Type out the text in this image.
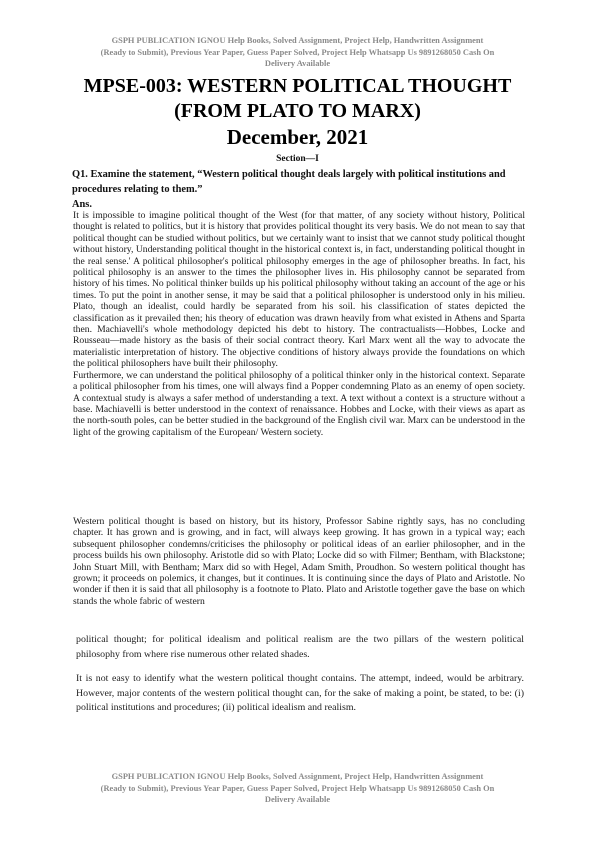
GSPH PUBLICATION IGNOU Help Books, Solved Assignment, Project Help, Handwritten Assignment
(Ready to Submit), Previous Year Paper, Guess Paper Solved, Project Help Whatsapp Us 9891268050 Cash On
Delivery Available
MPSE-003: WESTERN POLITICAL THOUGHT
(FROM PLATO TO MARX)
December, 2021
Section—I
Q1. Examine the statement, “Western political thought deals largely with political institutions and procedures relating to them.”
Ans.

It is impossible to imagine political thought of the West (for that matter, of any society without history, Political thought is related to politics, but it is history that provides political thought its very basis. We do not mean to say that political thought can be studied without politics, but we certainly want to insist that we cannot study political thought without history, Understanding political thought in the historical context is, in fact, understanding political thought in the real sense.' A political philosopher's political philosophy emerges in the age of philosopher breaths. In fact, his political philosophy is an answer to the times the philosopher lives in. His philosophy cannot be separated from history of his times. No political thinker builds up his political philosophy without taking an account of the age or his times. To put the point in another sense, it may be said that a political philosopher is understood only in his milieu. Plato, though an idealist, could hardly be separated from his soil. his classification of states depicted the classification as it prevailed then; his theory of education was drawn heavily from what existed in Athens and Sparta then. Machiavelli's whole methodology depicted his debt to history. The contractualists—Hobbes, Locke and Rousseau—made history as the basis of their social contract theory. Karl Marx went all the way to advocate the materialistic interpretation of history. The objective conditions of history always provide the foundations on which the political philosophers have built their philosophy.

Furthermore, we can understand the political philosophy of a political thinker only in the historical context. Separate a political philosopher from his times, one will always find a Popper condemning Plato as an enemy of open society. A contextual study is always a safer method of understanding a text. A text without a context is a structure without a base. Machiavelli is better understood in the context of renaissance. Hobbes and Locke, with their views as apart as the north-south poles, can be better studied in the background of the English civil war. Marx can be understood in the light of the growing capitalism of the European/ Western society.

Western political thought is based on history, but its history, Professor Sabine rightly says, has no concluding chapter. It has grown and is growing, and in fact, will always keep growing. It has grown in a typical way; each subsequent philosopher condemns/criticises the philosophy or political ideas of an earlier philosopher, and in the process builds his own philosophy. Aristotle did so with Plato; Locke did so with Filmer; Bentham, with Blackstone; John Stuart Mill, with Bentham; Marx did so with Hegel, Adam Smith, Proudhon. So western political thought has grown; it proceeds on polemics, it changes, but it continues. It is continuing since the days of Plato and Aristotle. No wonder if then it is said that all philosophy is a footnote to Plato. Plato and Aristotle together gave the base on which stands the whole fabric of western

political thought; for political idealism and political realism are the two pillars of the western political philosophy from where rise numerous other related shades.

It is not easy to identify what the western political thought contains. The attempt, indeed, would be arbitrary. However, major contents of the western political thought can, for the sake of making a point, be stated, to be: (i) political institutions and procedures; (ii) political idealism and realism.

GSPH PUBLICATION IGNOU Help Books, Solved Assignment, Project Help, Handwritten Assignment
(Ready to Submit), Previous Year Paper, Guess Paper Solved, Project Help Whatsapp Us 9891268050 Cash On
Delivery Available
